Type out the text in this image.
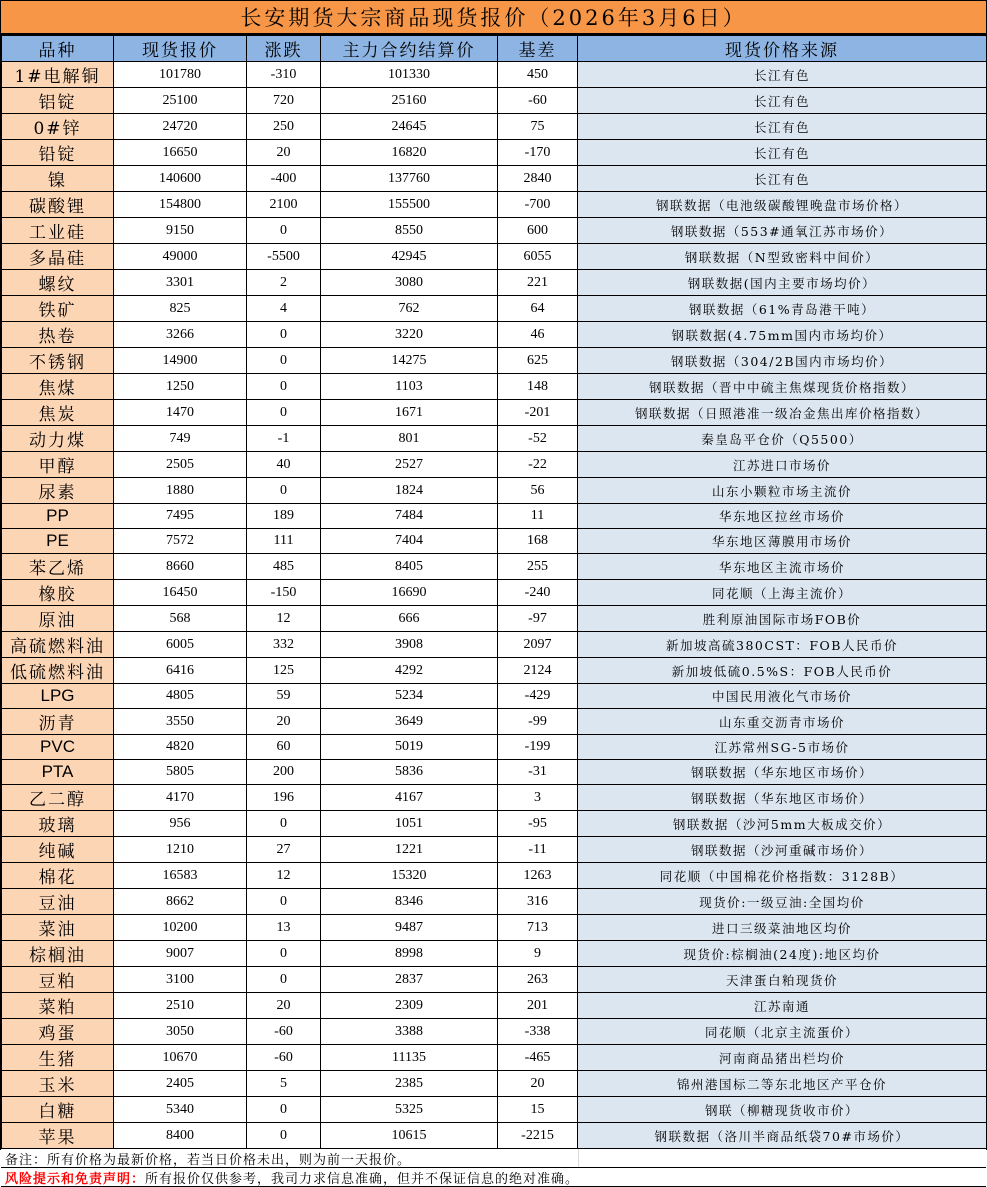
长安期货大宗商品现货报价（2026年3月6日）
品种	现货报价	涨跌	主力合约结算价	基差	现货价格来源
1#电解铜	101780	-310	101330	450	长江有色
铝锭	25100	720	25160	-60	长江有色
0#锌	24720	250	24645	75	长江有色
铅锭	16650	20	16820	-170	长江有色
镍	140600	-400	137760	2840	长江有色
碳酸锂	154800	2100	155500	-700	钢联数据（电池级碳酸锂晚盘市场价格）
工业硅	9150	0	8550	600	钢联数据（553#通氧江苏市场价）
多晶硅	49000	-5500	42945	6055	钢联数据（N型致密料中间价）
螺纹	3301	2	3080	221	钢联数据(国内主要市场均价）
铁矿	825	4	762	64	钢联数据（61%青岛港干吨）
热卷	3266	0	3220	46	钢联数据(4.75mm国内市场均价）
不锈钢	14900	0	14275	625	钢联数据（304/2B国内市场均价）
焦煤	1250	0	1103	148	钢联数据（晋中中硫主焦煤现货价格指数）
焦炭	1470	0	1671	-201	钢联数据（日照港准一级冶金焦出库价格指数）
动力煤	749	-1	801	-52	秦皇岛平仓价（Q5500）
甲醇	2505	40	2527	-22	江苏进口市场价
尿素	1880	0	1824	56	山东小颗粒市场主流价
PP	7495	189	7484	11	华东地区拉丝市场价
PE	7572	111	7404	168	华东地区薄膜用市场价
苯乙烯	8660	485	8405	255	华东地区主流市场价
橡胶	16450	-150	16690	-240	同花顺（上海主流价）
原油	568	12	666	-97	胜利原油国际市场FOB价
高硫燃料油	6005	332	3908	2097	新加坡高硫380CST：FOB人民币价
低硫燃料油	6416	125	4292	2124	新加坡低硫0.5%S：FOB人民币价
LPG	4805	59	5234	-429	中国民用液化气市场价
沥青	3550	20	3649	-99	山东重交沥青市场价
PVC	4820	60	5019	-199	江苏常州SG-5市场价
PTA	5805	200	5836	-31	钢联数据（华东地区市场价）
乙二醇	4170	196	4167	3	钢联数据（华东地区市场价）
玻璃	956	0	1051	-95	钢联数据（沙河5mm大板成交价）
纯碱	1210	27	1221	-11	钢联数据（沙河重碱市场价）
棉花	16583	12	15320	1263	同花顺（中国棉花价格指数：3128B）
豆油	8662	0	8346	316	现货价:一级豆油:全国均价
菜油	10200	13	9487	713	进口三级菜油地区均价
棕榈油	9007	0	8998	9	现货价:棕榈油(24度):地区均价
豆粕	3100	0	2837	263	天津蛋白粕现货价
菜粕	2510	20	2309	201	江苏南通
鸡蛋	3050	-60	3388	-338	同花顺（北京主流蛋价）
生猪	10670	-60	11135	-465	河南商品猪出栏均价
玉米	2405	5	2385	20	锦州港国标二等东北地区产平仓价
白糖	5340	0	5325	15	钢联（柳糖现货收市价）
苹果	8400	0	10615	-2215	钢联数据（洛川半商品纸袋70#市场价）
备注：所有价格为最新价格，若当日价格未出，则为前一天报价。
风险提示和免责声明： 所有报价仅供参考，我司力求信息准确，但并不保证信息的绝对准确。
